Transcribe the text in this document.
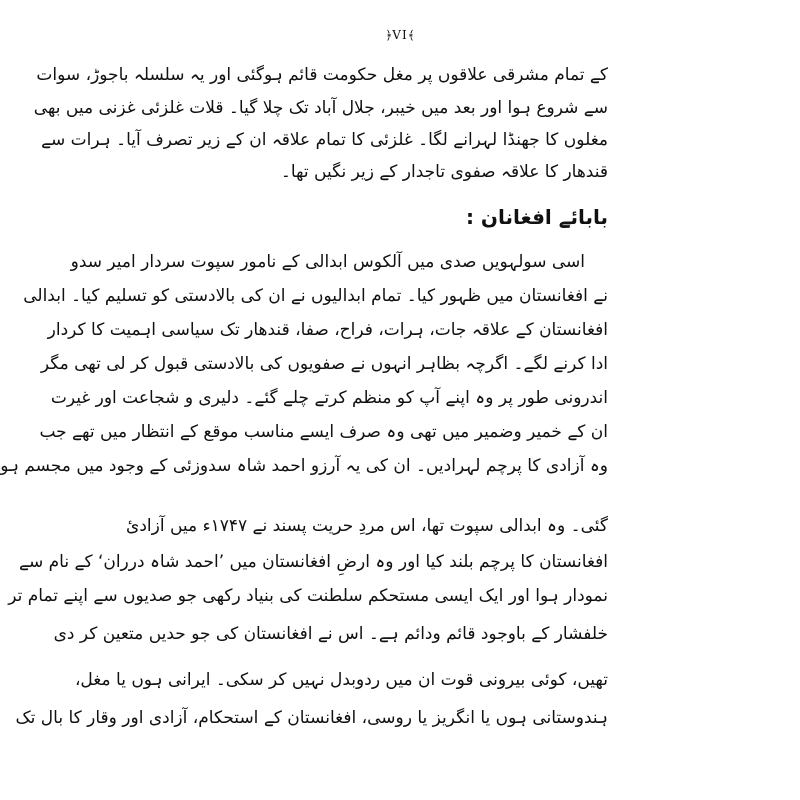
﴿VI﴾
کے تمام مشرقی علاقوں پر مغل حکومت قائم ہوگئی اور یہ سلسلہ باجوڑ، سوات
سے شروع ہوا اور بعد میں خیبر، جلال آباد تک چلا گیا۔ قلات غلزئی غزنی میں بھی
مغلوں کا جھنڈا لہرانے لگا۔ غلزئی کا تمام علاقہ ان کے زیر تصرف آیا۔ ہرات سے
قندھار کا علاقہ صفوی تاجدار کے زیر نگیں تھا۔
بابائے افغانان :
اسی سولہویں صدی میں آلکوس ابدالی کے نامور سپوت سردار امیر سدو
نے افغانستان میں ظہور کیا۔ تمام ابدالیوں نے ان کی بالادستی کو تسلیم کیا۔ ابدالی
افغانستان کے علاقہ جات، ہرات، فراح، صفا، قندھار تک سیاسی اہمیت کا کردار
ادا کرنے لگے۔ اگرچہ بظاہر انہوں نے صفویوں کی بالادستی قبول کر لی تھی مگر
اندرونی طور پر وہ اپنے آپ کو منظم کرتے چلے گئے۔ دلیری و شجاعت اور غیرت
ان کے خمیر وضمیر میں تھی وہ صرف ایسے مناسب موقع کے انتظار میں تھے جب
وہ آزادی کا پرچم لہرادیں۔ ان کی یہ آرزو احمد شاہ سدوزئی کے وجود میں مجسم ہو
گئی۔ وہ ابدالی سپوت تھا، اس مردِ حریت پسند نے ۱۷۴۷ء میں آزادیٔ
افغانستان کا پرچم بلند کیا اور وہ ارضِ افغانستان میں ’احمد شاہ درران‘ کے نام سے
نمودار ہوا اور ایک ایسی مستحکم سلطنت کی بنیاد رکھی جو صدیوں سے اپنے تمام تر
خلفشار کے باوجود قائم ودائم ہے۔ اس نے افغانستان کی جو حدیں متعین کر دی
تھیں، کوئی بیرونی قوت ان میں ردوبدل نہیں کر سکی۔ ایرانی ہوں یا مغل،
ہندوستانی ہوں یا انگریز یا روسی، افغانستان کے استحکام، آزادی اور وقار کا بال تک
